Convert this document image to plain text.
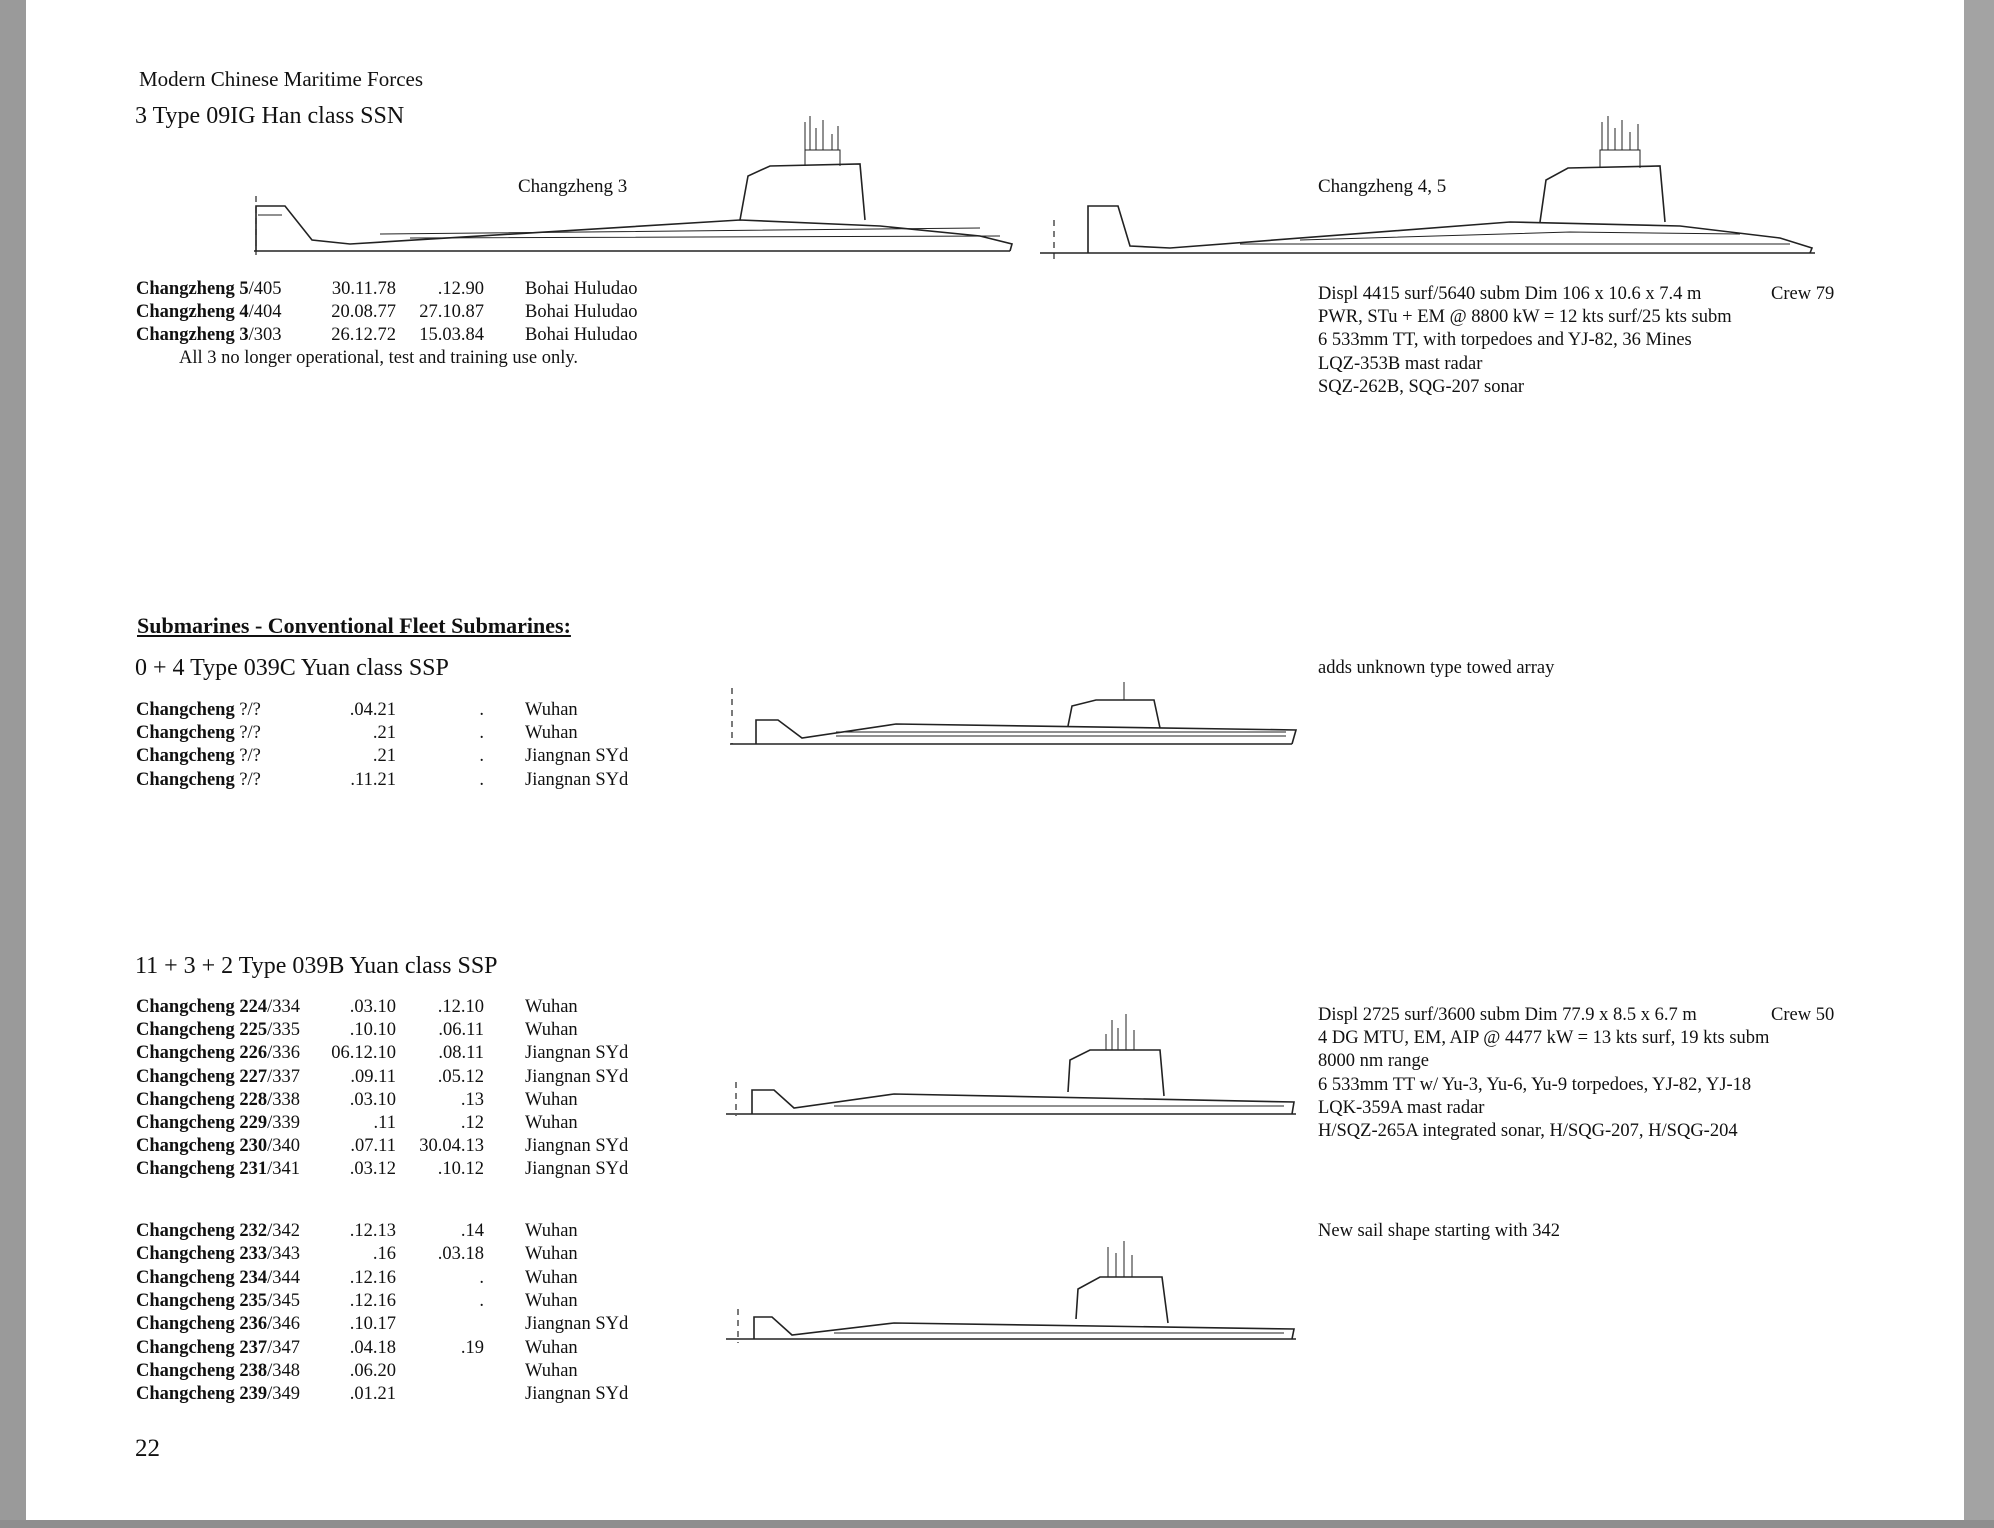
Modern Chinese Maritime Forces
3 Type 09IG Han class SSN
Changzheng 3	Changzheng 4, 5
Changzheng 5/405	30.11.78 .12.90 Bohai Huludao
Changzheng 4/404	20.08.77 27.10.87 Bohai Huludao
Changzheng 3/303	26.12.72 15.03.84 Bohai Huludao
All 3 no longer operational, test and training use only.
Displ 4415 surf/5640 subm Dim 106 x 10.6 x 7.4 m
PWR, STu + EM @ 8800 kW = 12 kts surf/25 kts subm
6 533mm TT, with torpedoes and YJ-82, 36 Mines
LQZ-353B mast radar
SQZ-262B, SQG-207 sonar
Crew 79
Submarines - Conventional Fleet Submarines:
0 + 4 Type 039C Yuan class SSP	adds unknown type towed array
Changcheng ?/?	.04.21	. Wuhan
Changcheng ?/?	.21	. Wuhan
Changcheng ?/?	.21	. Jiangnan SYd
Changcheng ?/?	.11.21	. Jiangnan SYd
11 + 3 + 2 Type 039B Yuan class SSP
Changcheng 224/334	.03.10 .12.10 Wuhan
Changcheng 225/335	.10.10 .06.11 Wuhan
Changcheng 226/336 06.12.10 .08.11 Jiangnan SYd
Changcheng 227/337	.09.11 .05.12 Jiangnan SYd
Changcheng 228/338	.03.10	.13 Wuhan
Changcheng 229/339	.11	.12 Wuhan
Changcheng 230/340	.07.11 30.04.13 Jiangnan SYd
Changcheng 231/341	.03.12 .10.12 Jiangnan SYd
Displ 2725 surf/3600 subm Dim 77.9 x 8.5 x 6.7 m
4 DG MTU, EM, AIP @ 4477 kW = 13 kts surf, 19 kts subm
8000 nm range
6 533mm TT w/ Yu-3, Yu-6, Yu-9 torpedoes, YJ-82, YJ-18
LQK-359A mast radar
H/SQZ-265A integrated sonar, H/SQG-207, H/SQG-204
Crew 50
Changcheng 232/342	.12.13	.14 Wuhan
Changcheng 233/343	.16 .03.18 Wuhan
Changcheng 234/344	.12.16	. Wuhan
Changcheng 235/345	.12.16	. Wuhan
Changcheng 236/346	.10.17	Jiangnan SYd
Changcheng 237/347	.04.18	.19 Wuhan
Changcheng 238/348	.06.20	Wuhan
Changcheng 239/349	.01.21	Jiangnan SYd
New sail shape starting with 342
22
